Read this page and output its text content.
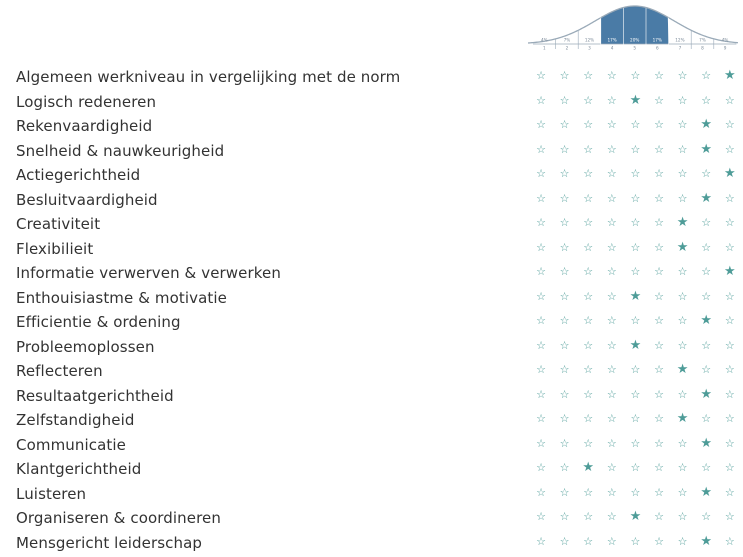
4%
1
7%
2
12%
3
17%
4
20%
5
17%
6
12%
7
7%
8
4%
9
Algemeen werkniveau in vergelijking met de norm	☆ ☆ ☆ ☆ ☆ ☆ ☆ ☆ ★
Logisch redeneren	☆ ☆ ☆ ☆ ★ ☆ ☆ ☆ ☆
Rekenvaardigheid	☆ ☆ ☆ ☆ ☆ ☆ ☆ ★ ☆
Snelheid & nauwkeurigheid	☆ ☆ ☆ ☆ ☆ ☆ ☆ ★ ☆
Actiegerichtheid	☆ ☆ ☆ ☆ ☆ ☆ ☆ ☆ ★
Besluitvaardigheid	☆ ☆ ☆ ☆ ☆ ☆ ☆ ★ ☆
Creativiteit	☆ ☆ ☆ ☆ ☆ ☆ ★ ☆ ☆
Flexibilieit	☆ ☆ ☆ ☆ ☆ ☆ ★ ☆ ☆
Informatie verwerven & verwerken	☆ ☆ ☆ ☆ ☆ ☆ ☆ ☆ ★
Enthouisiastme & motivatie	☆ ☆ ☆ ☆ ★ ☆ ☆ ☆ ☆
Efficientie & ordening	☆ ☆ ☆ ☆ ☆ ☆ ☆ ★ ☆
Probleemoplossen	☆ ☆ ☆ ☆ ★ ☆ ☆ ☆ ☆
Reflecteren	☆ ☆ ☆ ☆ ☆ ☆ ★ ☆ ☆
Resultaatgerichtheid	☆ ☆ ☆ ☆ ☆ ☆ ☆ ★ ☆
Zelfstandigheid	☆ ☆ ☆ ☆ ☆ ☆ ★ ☆ ☆
Communicatie	☆ ☆ ☆ ☆ ☆ ☆ ☆ ★ ☆
Klantgerichtheid	☆ ☆ ★ ☆ ☆ ☆ ☆ ☆ ☆
Luisteren	☆ ☆ ☆ ☆ ☆ ☆ ☆ ★ ☆
Organiseren & coordineren	☆ ☆ ☆ ☆ ★ ☆ ☆ ☆ ☆
Mensgericht leiderschap	☆ ☆ ☆ ☆ ☆ ☆ ☆ ★ ☆
